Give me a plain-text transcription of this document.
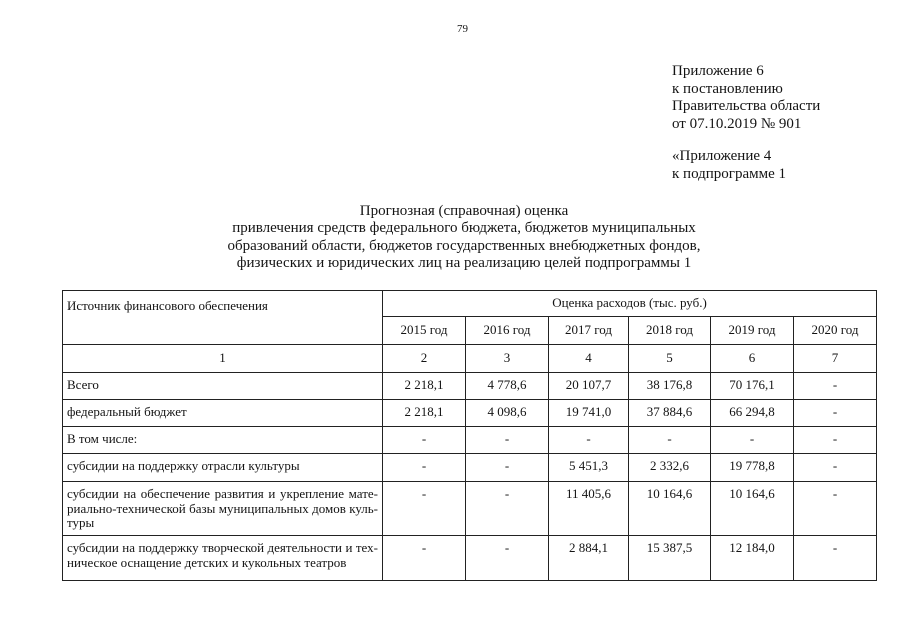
79
Приложение 6
к постановлению
Правительства области
от 07.10.2019 № 901
«Приложение 4
к подпрограмме 1
Прогнозная (справочная) оценка
привлечения средств федерального бюджета, бюджетов муниципальных
образований области, бюджетов государственных внебюджетных фондов,
физических и юридических лиц на реализацию целей подпрограммы 1
Источник финансового обеспечения	Оценка расходов (тыс. руб.)					
	2015 год	2016 год	2017 год	2018 год	2019 год	2020 год
1	2	3	4	5	6	7

Всего	2 218,1	4 778,6	20 107,7	38 176,8	70 176,1	-

федеральный бюджет	2 218,1	4 098,6	19 741,0	37 884,6	66 294,8	-

В том числе:	-	-	-	-	-	-

субсидии на поддержку отрасли культуры	-	-	5 451,3	2 332,6	19 778,8	-

субсидии на обеспечение развития и укрепление мате-
риально-технической базы муниципальных домов куль-
туры	-	-	11 405,6	10 164,6	10 164,6	-

субсидии на поддержку творческой деятельности и тех-
ническое оснащение детских и кукольных театров	-	-	2 884,1	15 387,5	12 184,0	-
